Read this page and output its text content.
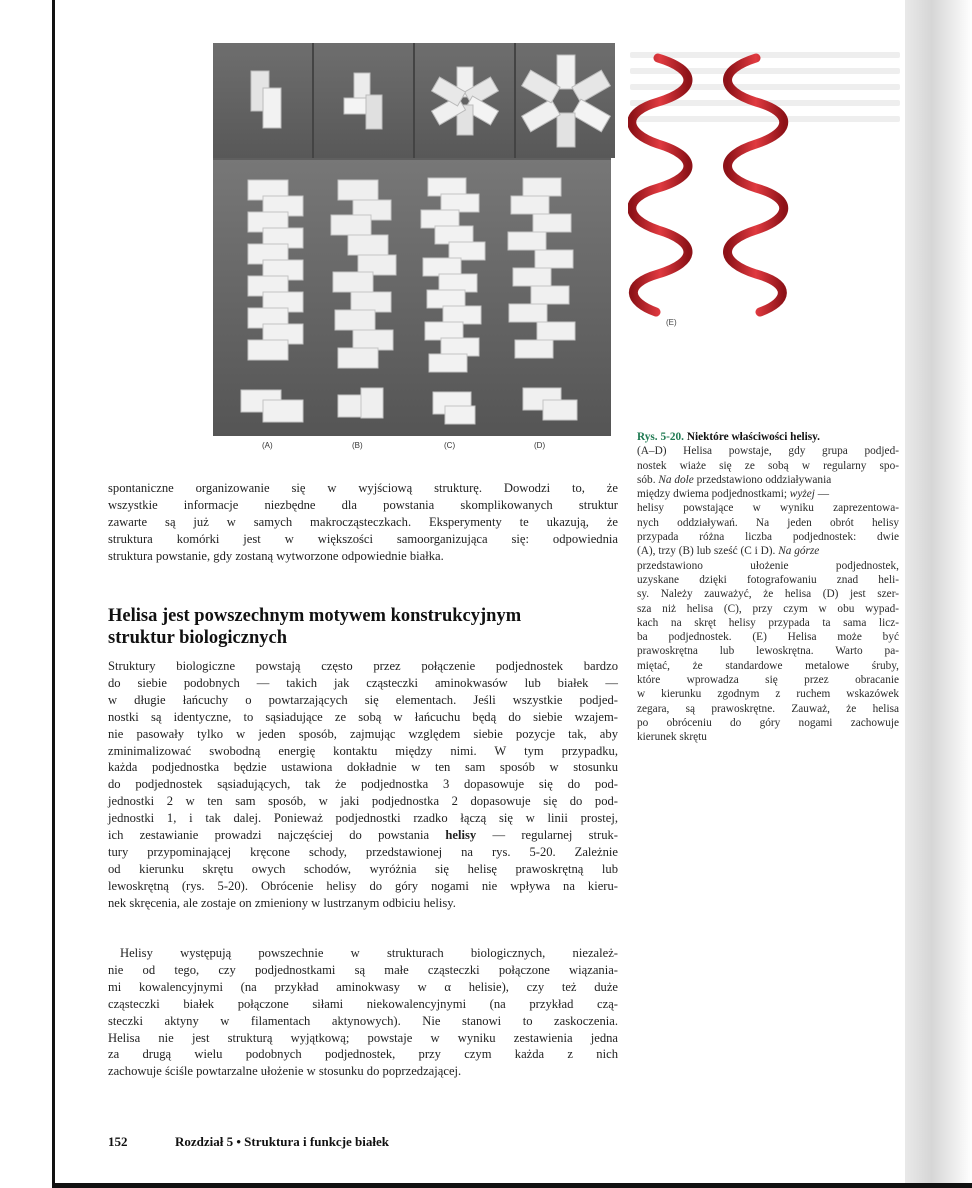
(A)	(B)	(C)	(D)
(E)
Rys. 5-20. Niektóre właściwości helisy.
(A–D) Helisa powstaje, gdy grupa podjed-
nostek wiaże się ze sobą w regularny spo-
sób. Na dole przedstawiono oddziaływania
między dwiema podjednostkami; wyżej —
helisy powstające w wyniku zaprezentowa-
nych oddziaływań. Na jeden obrót helisy
przypada różna liczba podjednostek: dwie
(A), trzy (B) lub sześć (C i D). Na górze
przedstawiono ułożenie podjednostek,
uzyskane dzięki fotografowaniu znad heli-
sy. Należy zauważyć, że helisa (D) jest szer-
sza niż helisa (C), przy czym w obu wypad-
kach na skręt helisy przypada ta sama licz-
ba podjednostek. (E) Helisa może być
prawoskrętna lub lewoskrętna. Warto pa-
miętać, że standardowe metalowe śruby,
które wprowadza się przez obracanie
w kierunku zgodnym z ruchem wskazówek
zegara, są prawoskrętne. Zauważ, że helisa
po obróceniu do góry nogami zachowuje
kierunek skrętu
spontaniczne organizowanie się w wyjściową strukturę. Dowodzi to, że
wszystkie informacje niezbędne dla powstania skomplikowanych struktur
zawarte są już w samych makrocząsteczkach. Eksperymenty te ukazują, że
struktura komórki jest w większości samoorganizująca się: odpowiednia
struktura powstanie, gdy zostaną wytworzone odpowiednie białka.
Helisa jest powszechnym motywem konstrukcyjnym
struktur biologicznych
Struktury biologiczne powstają często przez połączenie podjednostek bardzo
do siebie podobnych — takich jak cząsteczki aminokwasów lub białek —
w długie łańcuchy o powtarzających się elementach. Jeśli wszystkie podjed-
nostki są identyczne, to sąsiadujące ze sobą w łańcuchu będą do siebie wzajem-
nie pasowały tylko w jeden sposób, zajmując względem siebie pozycje tak, aby
zminimalizować swobodną energię kontaktu między nimi. W tym przypadku,
każda podjednostka będzie ustawiona dokładnie w ten sam sposób w stosunku
do podjednostek sąsiadujących, tak że podjednostka 3 dopasowuje się do pod-
jednostki 2 w ten sam sposób, w jaki podjednostka 2 dopasowuje się do pod-
jednostki 1, i tak dalej. Ponieważ podjednostki rzadko łączą się w linii prostej,
ich zestawianie prowadzi najczęściej do powstania helisy — regularnej struk-
tury przypominającej kręcone schody, przedstawionej na rys. 5-20. Zależnie
od kierunku skrętu owych schodów, wyróżnia się helisę prawoskrętną lub
lewoskrętną (rys. 5-20). Obrócenie helisy do góry nogami nie wpływa na kieru-
nek skręcenia, ale zostaje on zmieniony w lustrzanym odbiciu helisy.
Helisy występują powszechnie w strukturach biologicznych, niezależ-
nie od tego, czy podjednostkami są małe cząsteczki połączone wiązania-
mi kowalencyjnymi (na przykład aminokwasy w α helisie), czy też duże
cząsteczki białek połączone siłami niekowalencyjnymi (na przykład czą-
steczki aktyny w filamentach aktynowych). Nie stanowi to zaskoczenia.
Helisa nie jest strukturą wyjątkową; powstaje w wyniku zestawienia jedna
za drugą wielu podobnych podjednostek, przy czym każda z nich
zachowuje ściśle powtarzalne ułożenie w stosunku do poprzedzającej.
152	Rozdział 5 • Struktura i funkcje białek
